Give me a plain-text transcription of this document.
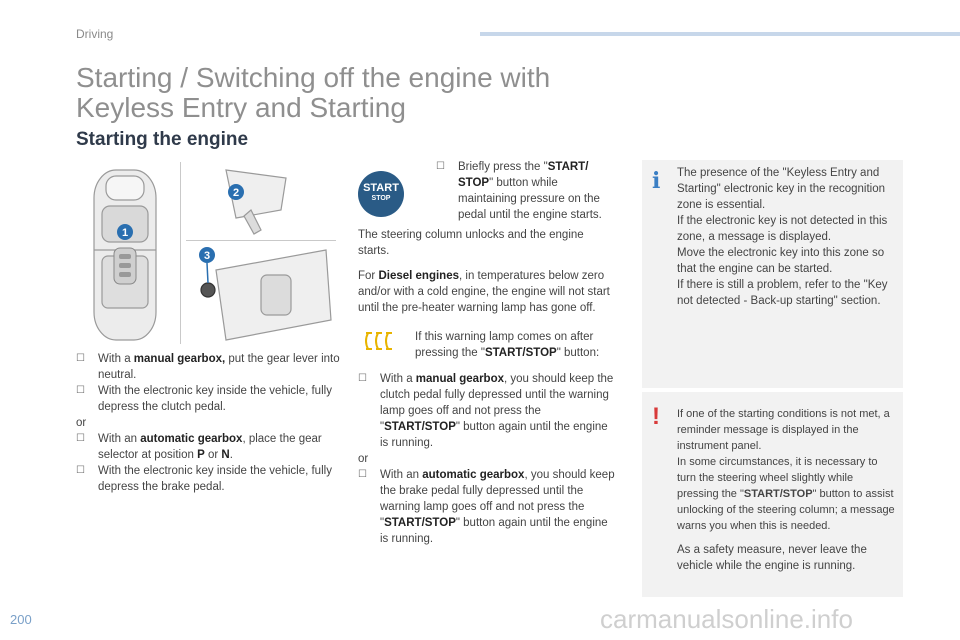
Driving
Starting / Switching off the engine with Keyless Entry and Starting
Starting the engine
1
2
3
☐	With a manual gearbox, put the gear lever into neutral.

☐	With the electronic key inside the vehicle, fully depress the clutch pedal.

or

☐	With an automatic gearbox, place the gear selector at position P or N.

☐	With the electronic key inside the vehicle, fully depress the brake pedal.

START
STOP
☐	Briefly press the "START/ STOP" button while maintaining pressure on the pedal until the engine starts.

The steering column unlocks and the engine starts.

For Diesel engines, in temperatures below zero and/or with a cold engine, the engine will not start until the pre-heater warning lamp has gone off.

If this warning lamp comes on after pressing the "START/STOP" button:

☐	With a manual gearbox, you should keep the clutch pedal fully depressed until the warning lamp goes off and not press the "START/STOP" button again until the engine is running.

or

☐	With an automatic gearbox, you should keep the brake pedal fully depressed until the warning lamp goes off and not press the "START/STOP" button again until the engine is running.

i The presence of the "Keyless Entry and Starting" electronic key in the recognition zone is essential.

If the electronic key is not detected in this zone, a message is displayed.

Move the electronic key into this zone so that the engine can be started.

If there is still a problem, refer to the "Key not detected - Back-up starting" section.

! If one of the starting conditions is not met, a reminder message is displayed in the instrument panel.

In some circumstances, it is necessary to turn the steering wheel slightly while pressing the "START/STOP" button to assist unlocking of the steering column; a message warns you when this is needed.

As a safety measure, never leave the vehicle while the engine is running.

200	carmanualsonline.info
